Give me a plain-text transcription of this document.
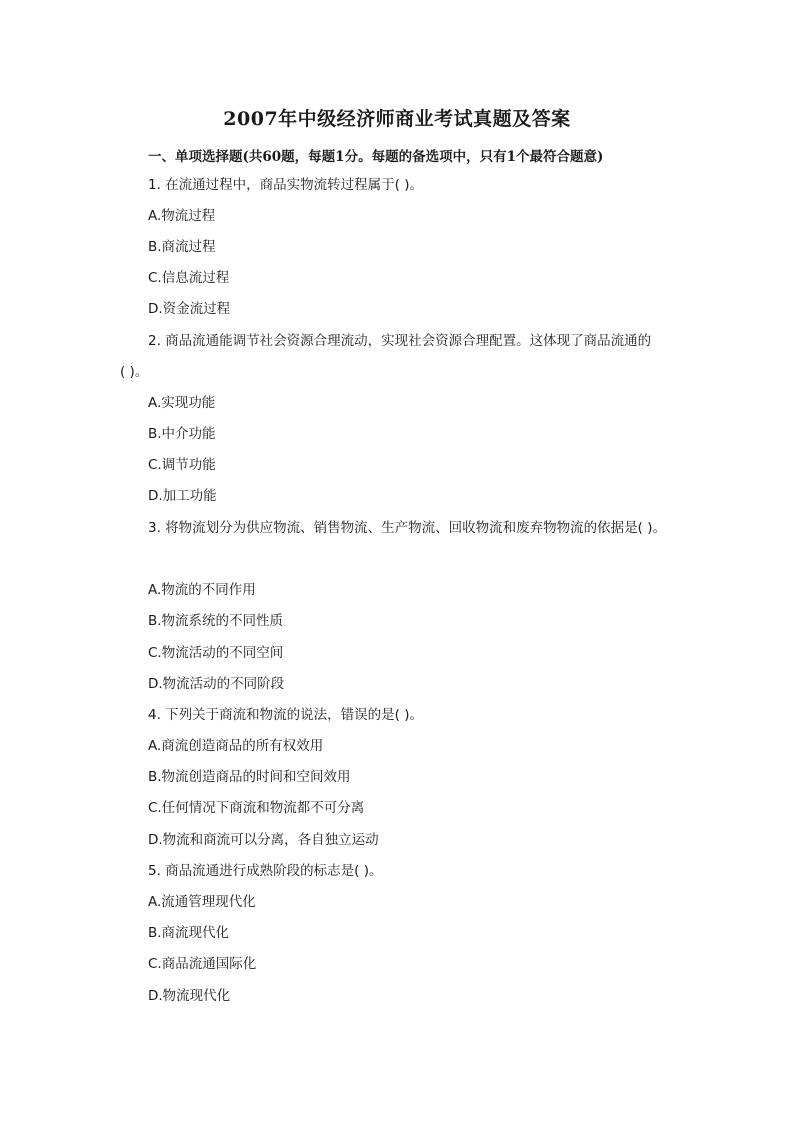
2007年中级经济师商业考试真题及答案
一、单项选择题(共60题，每题1分。每题的备选项中，只有1个最符合题意)
1. 在流通过程中，商品实物流转过程属于( )。
A.物流过程
B.商流过程
C.信息流过程
D.资金流过程
2. 商品流通能调节社会资源合理流动，实现社会资源合理配置。这体现了商品流通的
( )。
A.实现功能
B.中介功能
C.调节功能
D.加工功能
3. 将物流划分为供应物流、销售物流、生产物流、回收物流和废弃物物流的依据是( )。
A.物流的不同作用
B.物流系统的不同性质
C.物流活动的不同空间
D.物流活动的不同阶段
4. 下列关于商流和物流的说法，错误的是( )。
A.商流创造商品的所有权效用
B.物流创造商品的时间和空间效用
C.任何情况下商流和物流都不可分离
D.物流和商流可以分离，各自独立运动
5. 商品流通进行成熟阶段的标志是( )。
A.流通管理现代化
B.商流现代化
C.商品流通国际化
D.物流现代化
